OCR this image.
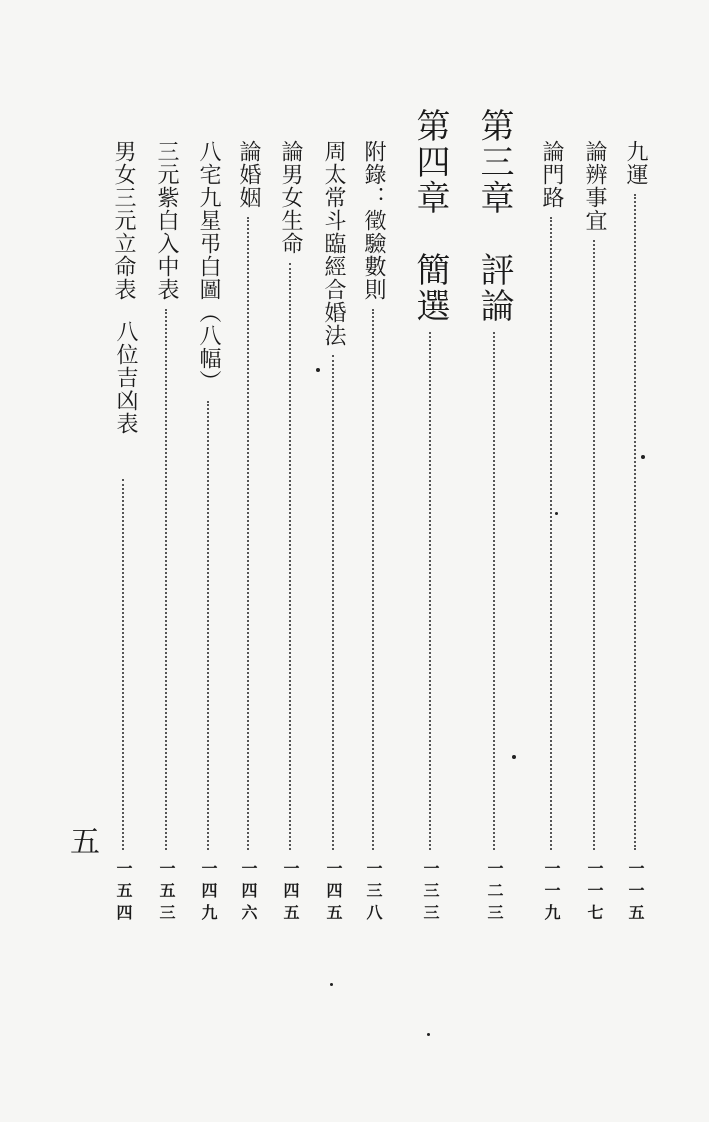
九運
一一五
論辨事宜
一一七
論門路
一一九
第三章　評論
一二三
第四章　簡選
一三三
附錄：徵驗數則
一三八
周太常斗臨經合婚法
一四五
論男女生命
一四五
論婚姻
一四六
八宅九星弔白圖（八幅）
一四九
三元紫白入中表
一五三
男女三元立命表
一五四
八位吉凶表
五
